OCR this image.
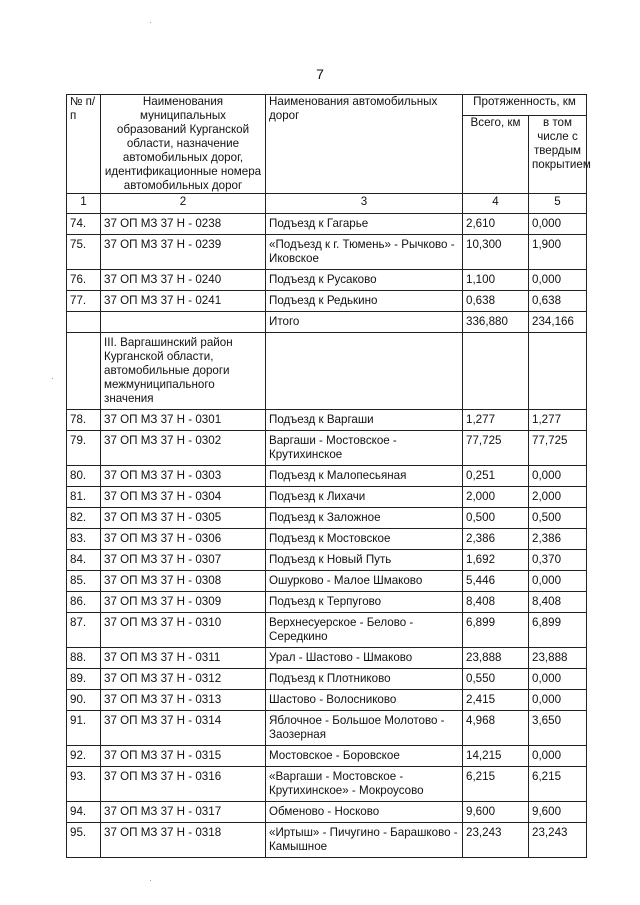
7
№ п/п	Наименования муниципальных образований Курганской области, назначение автомобильных дорог, идентификационные номера автомобильных дорог	Наименования автомобильных дорог	Протяженность, км	
			Всего, км	в том числе с твердым покрытием
1	2	3	4	5
74.	37 ОП МЗ 37 Н - 0238	Подъезд к Гагарье	2,610	0,000
75.	37 ОП МЗ 37 Н - 0239	«Подъезд к г. Тюмень» - Рычково - Иковское	10,300	1,900
76.	37 ОП МЗ 37 Н - 0240	Подъезд к Русаково	1,100	0,000
77.	37 ОП МЗ 37 Н - 0241	Подъезд к Редькино	0,638	0,638
		Итого	336,880	234,166
	III. Варгашинский район Курганской области, автомобильные дороги межмуниципального значения			
78.	37 ОП МЗ 37 Н - 0301	Подъезд к Варгаши	1,277	1,277
79.	37 ОП МЗ 37 Н - 0302	Варгаши - Мостовское - Крутихинское	77,725	77,725
80.	37 ОП МЗ 37 Н - 0303	Подъезд к Малопесьяная	0,251	0,000
81.	37 ОП МЗ 37 Н - 0304	Подъезд к Лихачи	2,000	2,000
82.	37 ОП МЗ 37 Н - 0305	Подъезд к Заложное	0,500	0,500
83.	37 ОП МЗ 37 Н - 0306	Подъезд к Мостовское	2,386	2,386
84.	37 ОП МЗ 37 Н - 0307	Подъезд к Новый Путь	1,692	0,370
85.	37 ОП МЗ 37 Н - 0308	Ошурково - Малое Шмаково	5,446	0,000
86.	37 ОП МЗ 37 Н - 0309	Подъезд к Терпугово	8,408	8,408
87.	37 ОП МЗ 37 Н - 0310	Верхнесуерское - Белово - Середкино	6,899	6,899
88.	37 ОП МЗ 37 Н - 0311	Урал - Шастово - Шмаково	23,888	23,888
89.	37 ОП МЗ 37 Н - 0312	Подъезд к Плотниково	0,550	0,000
90.	37 ОП МЗ 37 Н - 0313	Шастово - Волосниково	2,415	0,000
91.	37 ОП МЗ 37 Н - 0314	Яблочное - Большое Молотово - Заозерная	4,968	3,650
92.	37 ОП МЗ 37 Н - 0315	Мостовское - Боровское	14,215	0,000
93.	37 ОП МЗ 37 Н - 0316	«Варгаши - Мостовское - Крутихинское» - Мокроусово	6,215	6,215
94.	37 ОП МЗ 37 Н - 0317	Обменово - Носково	9,600	9,600
95.	37 ОП МЗ 37 Н - 0318	«Иртыш» - Пичугино - Барашково - Камышное	23,243	23,243
